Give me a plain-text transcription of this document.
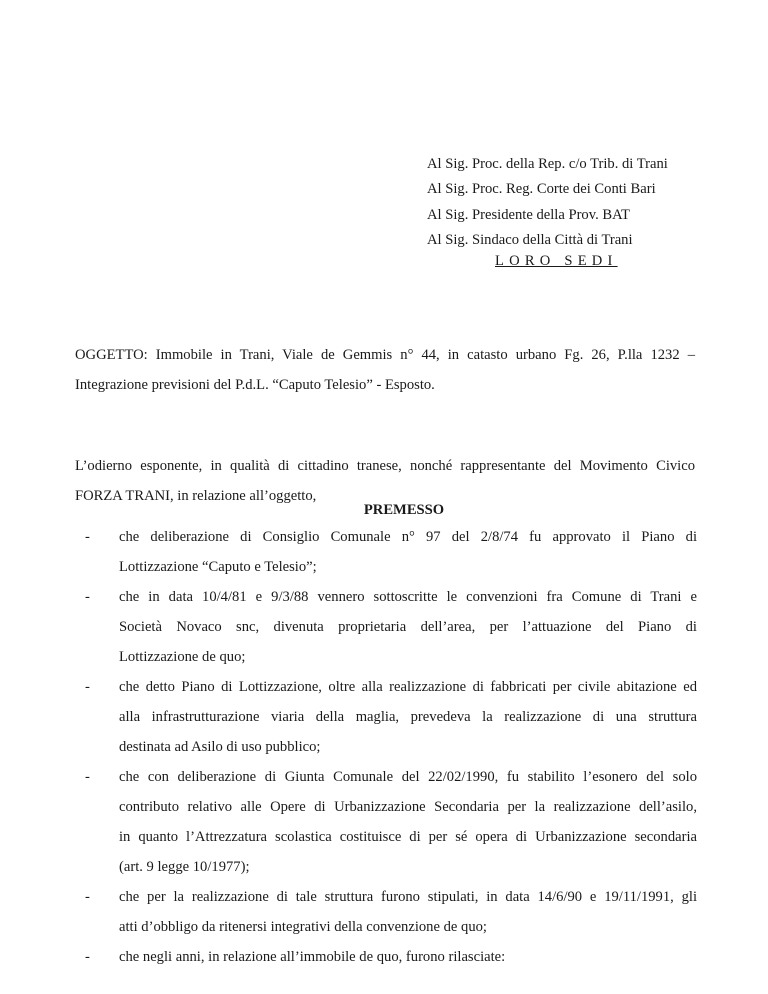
Al Sig. Proc. della Rep. c/o Trib. di Trani
Al Sig. Proc. Reg. Corte dei Conti Bari
Al Sig. Presidente della Prov. BAT
Al Sig. Sindaco della Città di Trani
LORO SEDI
OGGETTO: Immobile in Trani, Viale de Gemmis n° 44, in catasto urbano Fg. 26, P.lla 1232 –
Integrazione previsioni del P.d.L. “Caputo Telesio” - Esposto.
L’odierno esponente, in qualità di cittadino tranese, nonché rappresentante del Movimento Civico
FORZA TRANI, in relazione all’oggetto,
PREMESSO
- che deliberazione di Consiglio Comunale n° 97 del 2/8/74 fu approvato il Piano di
Lottizzazione “Caputo e Telesio”;
- che in data 10/4/81 e 9/3/88 vennero sottoscritte le convenzioni fra Comune di Trani e
Società Novaco snc, divenuta proprietaria dell’area, per l’attuazione del Piano di
Lottizzazione de quo;
- che detto Piano di Lottizzazione, oltre alla realizzazione di fabbricati per civile abitazione ed
alla infrastrutturazione viaria della maglia, prevedeva la realizzazione di una struttura
destinata ad Asilo di uso pubblico;
- che con deliberazione di Giunta Comunale del 22/02/1990, fu stabilito l’esonero del solo
contributo relativo alle Opere di Urbanizzazione Secondaria per la realizzazione dell’asilo,
in quanto l’Attrezzatura scolastica costituisce di per sé opera di Urbanizzazione secondaria
(art. 9 legge 10/1977);
- che per la realizzazione di tale struttura furono stipulati, in data 14/6/90 e 19/11/1991, gli
atti d’obbligo da ritenersi integrativi della convenzione de quo;
- che negli anni, in relazione all’immobile de quo, furono rilasciate:
